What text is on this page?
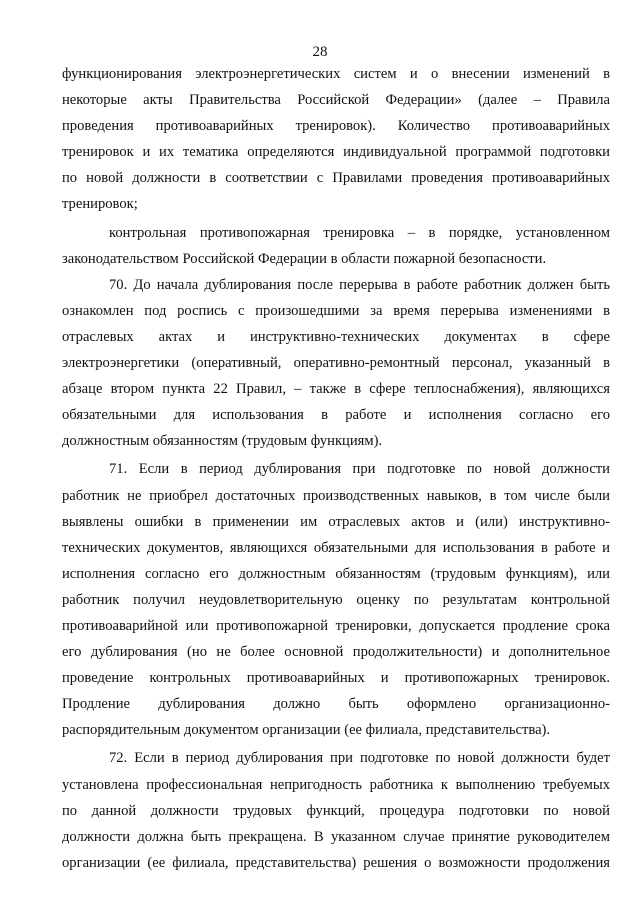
28
функционирования электроэнергетических систем и о внесении изменений в
некоторые акты Правительства Российской Федерации» (далее – Правила
проведения противоаварийных тренировок). Количество противоаварийных
тренировок и их тематика определяются индивидуальной программой подготовки
по новой должности в соответствии с Правилами проведения противоаварийных
тренировок;
контрольная противопожарная тренировка – в порядке, установленном
законодательством Российской Федерации в области пожарной безопасности.
70. До начала дублирования после перерыва в работе работник должен быть
ознакомлен под роспись с произошедшими за время перерыва изменениями в
отраслевых актах и инструктивно-технических документах в сфере
электроэнергетики (оперативный, оперативно-ремонтный персонал, указанный в
абзаце втором пункта 22 Правил, – также в сфере теплоснабжения), являющихся
обязательными для использования в работе и исполнения согласно его
должностным обязанностям (трудовым функциям).
71. Если в период дублирования при подготовке по новой должности
работник не приобрел достаточных производственных навыков, в том числе были
выявлены ошибки в применении им отраслевых актов и (или) инструктивно-
технических документов, являющихся обязательными для использования в работе и
исполнения согласно его должностным обязанностям (трудовым функциям), или
работник получил неудовлетворительную оценку по результатам контрольной
противоаварийной или противопожарной тренировки, допускается продление срока
его дублирования (но не более основной продолжительности) и дополнительное
проведение контрольных противоаварийных и противопожарных тренировок.
Продление дублирования должно быть оформлено организационно-
распорядительным документом организации (ее филиала, представительства).
72. Если в период дублирования при подготовке по новой должности будет
установлена профессиональная непригодность работника к выполнению требуемых
по данной должности трудовых функций, процедура подготовки по новой
должности должна быть прекращена. В указанном случае принятие руководителем
организации (ее филиала, представительства) решения о возможности продолжения
